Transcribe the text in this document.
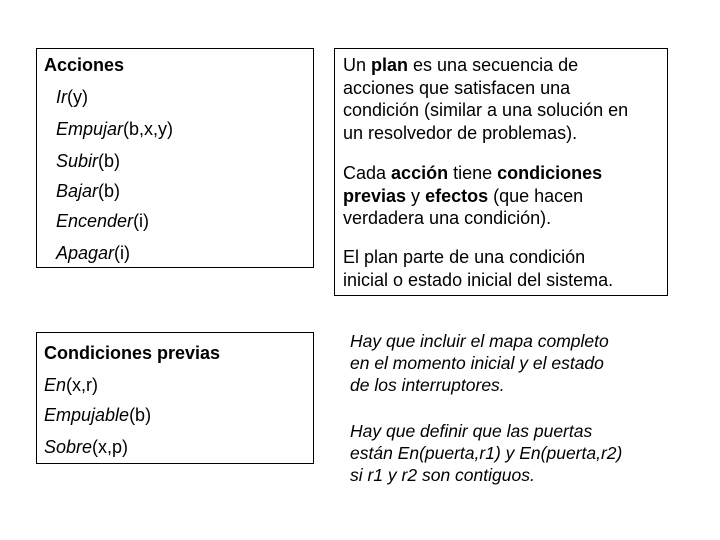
Acciones
Ir(y)
Empujar(b,x,y)
Subir(b)
Bajar(b)
Encender(i)
Apagar(i)
Un plan es una secuencia de
acciones que satisfacen una
condición (similar a una solución en
un resolvedor de problemas).
Cada acción tiene condiciones
previas y efectos (que hacen
verdadera una condición).
El plan parte de una condición
inicial o estado inicial del sistema.
Condiciones previas
En(x,r)
Empujable(b)
Sobre(x,p)
Hay que incluir el mapa completo
en el momento inicial y el estado
de los interruptores.
Hay que definir que las puertas
están En(puerta,r1) y En(puerta,r2)
si r1 y r2 son contiguos.
